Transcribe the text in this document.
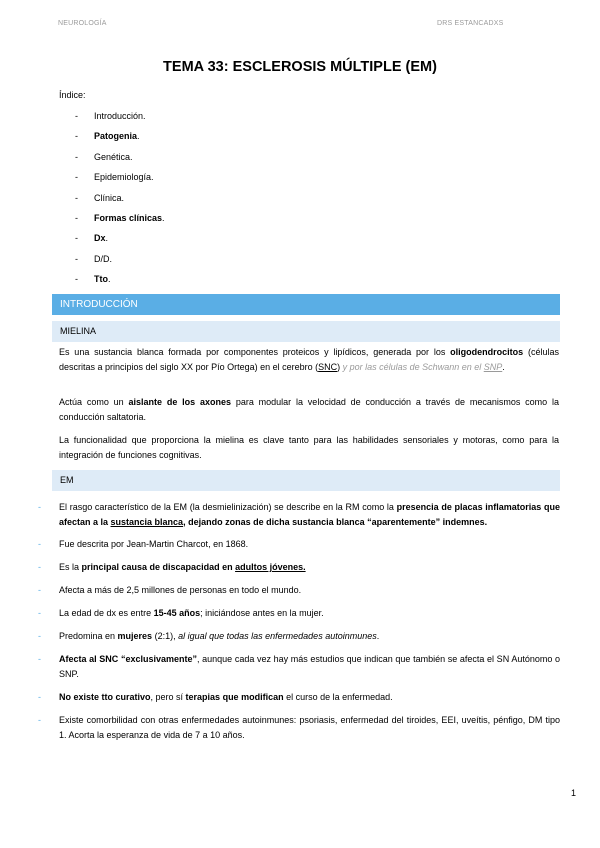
NEUROLOGÍA	DRS ESTANCADXS
TEMA 33: ESCLEROSIS MÚLTIPLE (EM)
Índice:
- Introducción.
- Patogenia.
- Genética.
- Epidemiología.
- Clínica.
- Formas clínicas.
- Dx.
- D/D.
- Tto.
INTRODUCCIÓN
MIELINA
Es una sustancia blanca formada por componentes proteicos y lipídicos, generada por los oligodendrocitos (células descritas a principios del siglo XX por Pío Ortega) en el cerebro (SNC) y por las células de Schwann en el SNP.
Actúa como un aislante de los axones para modular la velocidad de conducción a través de mecanismos como la conducción saltatoria.
La funcionalidad que proporciona la mielina es clave tanto para las habilidades sensoriales y motoras, como para la integración de funciones cognitivas.
EM
- El rasgo característico de la EM (la desmielinización) se describe en la RM como la presencia de placas inflamatorias que afectan a la sustancia blanca, dejando zonas de dicha sustancia blanca “aparentemente” indemnes.
- Fue descrita por Jean-Martin Charcot, en 1868.
- Es la principal causa de discapacidad en adultos jóvenes.
- Afecta a más de 2,5 millones de personas en todo el mundo.
- La edad de dx es entre 15-45 años; iniciándose antes en la mujer.
- Predomina en mujeres (2:1), al igual que todas las enfermedades autoinmunes.
- Afecta al SNC “exclusivamente”, aunque cada vez hay más estudios que indican que también se afecta el SN Autónomo o SNP.
- No existe tto curativo, pero sí terapias que modifican el curso de la enfermedad.
- Existe comorbilidad con otras enfermedades autoinmunes: psoriasis, enfermedad del tiroides, EEI, uveítis, pénfigo, DM tipo 1. Acorta la esperanza de vida de 7 a 10 años.
1
